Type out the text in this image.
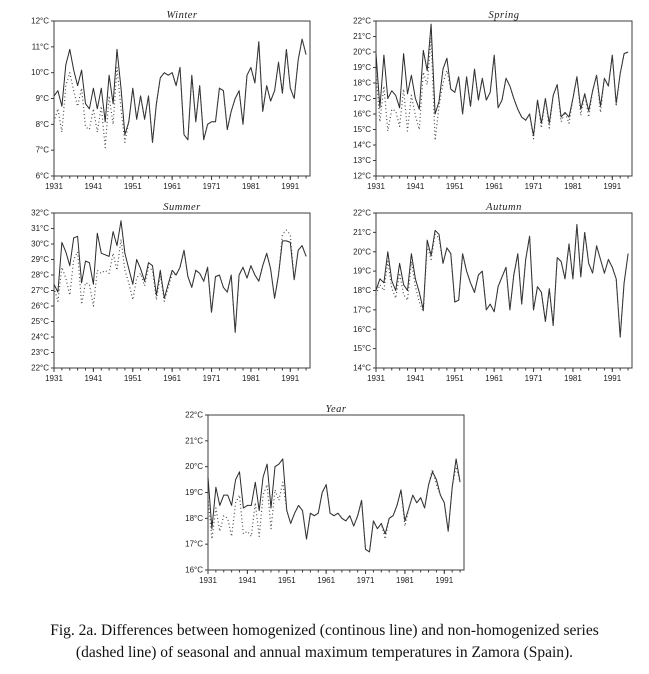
Winter
6°C
7°C
8°C
9°C
10°C
11°C
12°C
1931	1941	1951	1961	1971	1981	1991
Spring
12°C
13°C
14°C
15°C
16°C
17°C
18°C
19°C
20°C
21°C
22°C
1931	1941	1951	1961	1971	1981	1991
Summer
22°C
23°C
24°C
25°C
26°C
27°C
28°C
29°C
30°C
31°C
32°C
1931	1941	1951	1961	1971	1981	1991
Autumn
14°C
15°C
16°C
17°C
18°C
19°C
20°C
21°C
22°C
1931	1941	1951	1961	1971	1981	1991
Year
16°C
17°C
18°C
19°C
20°C
21°C
22°C
1931	1941	1951	1961	1971	1981	1991
Fig. 2a. Differences between homogenized (continous line) and non-homogenized series
(dashed line) of seasonal and annual maximum temperatures in Zamora (Spain).
